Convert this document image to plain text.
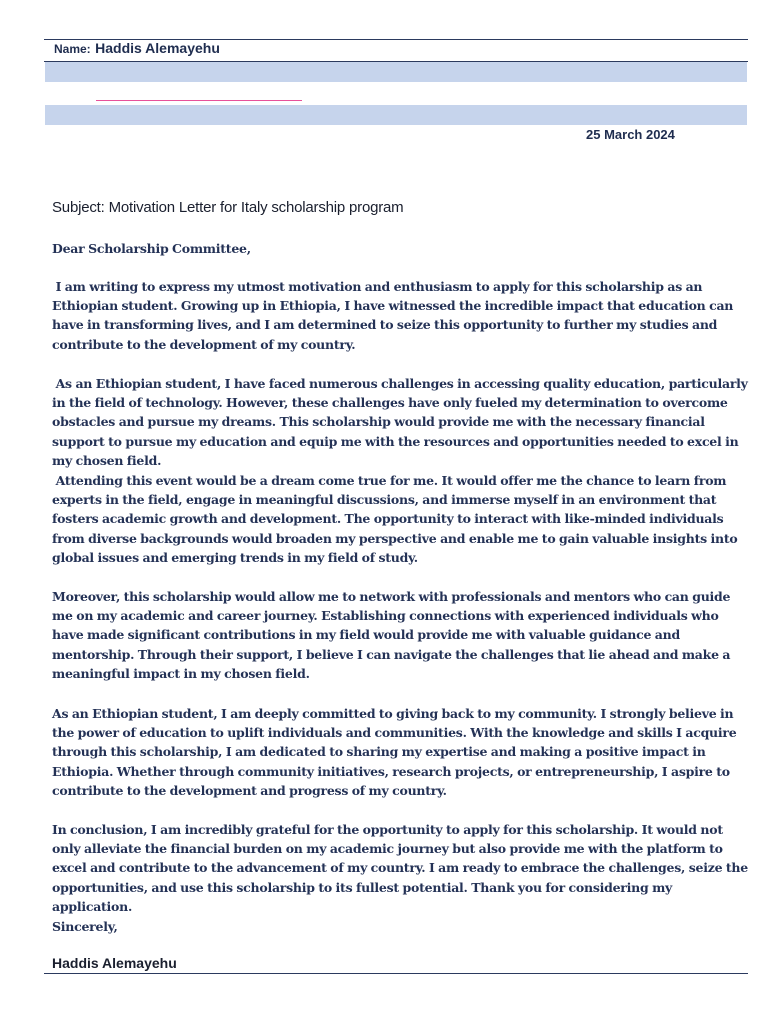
Name: Haddis Alemayehu
25 March 2024
Subject: Motivation Letter for Italy scholarship program
Dear Scholarship Committee,
I am writing to express my utmost motivation and enthusiasm to apply for this scholarship as an Ethiopian student. Growing up in Ethiopia, I have witnessed the incredible impact that education can have in transforming lives, and I am determined to seize this opportunity to further my studies and contribute to the development of my country.
As an Ethiopian student, I have faced numerous challenges in accessing quality education, particularly in the field of technology. However, these challenges have only fueled my determination to overcome obstacles and pursue my dreams. This scholarship would provide me with the necessary financial support to pursue my education and equip me with the resources and opportunities needed to excel in my chosen field.
Attending this event would be a dream come true for me. It would offer me the chance to learn from experts in the field, engage in meaningful discussions, and immerse myself in an environment that fosters academic growth and development. The opportunity to interact with like-minded individuals from diverse backgrounds would broaden my perspective and enable me to gain valuable insights into global issues and emerging trends in my field of study.
Moreover, this scholarship would allow me to network with professionals and mentors who can guide me on my academic and career journey. Establishing connections with experienced individuals who have made significant contributions in my field would provide me with valuable guidance and mentorship. Through their support, I believe I can navigate the challenges that lie ahead and make a meaningful impact in my chosen field.
As an Ethiopian student, I am deeply committed to giving back to my community. I strongly believe in the power of education to uplift individuals and communities. With the knowledge and skills I acquire through this scholarship, I am dedicated to sharing my expertise and making a positive impact in Ethiopia. Whether through community initiatives, research projects, or entrepreneurship, I aspire to contribute to the development and progress of my country.
In conclusion, I am incredibly grateful for the opportunity to apply for this scholarship. It would not only alleviate the financial burden on my academic journey but also provide me with the platform to excel and contribute to the advancement of my country. I am ready to embrace the challenges, seize the opportunities, and use this scholarship to its fullest potential. Thank you for considering my application.
Sincerely,
Haddis Alemayehu
